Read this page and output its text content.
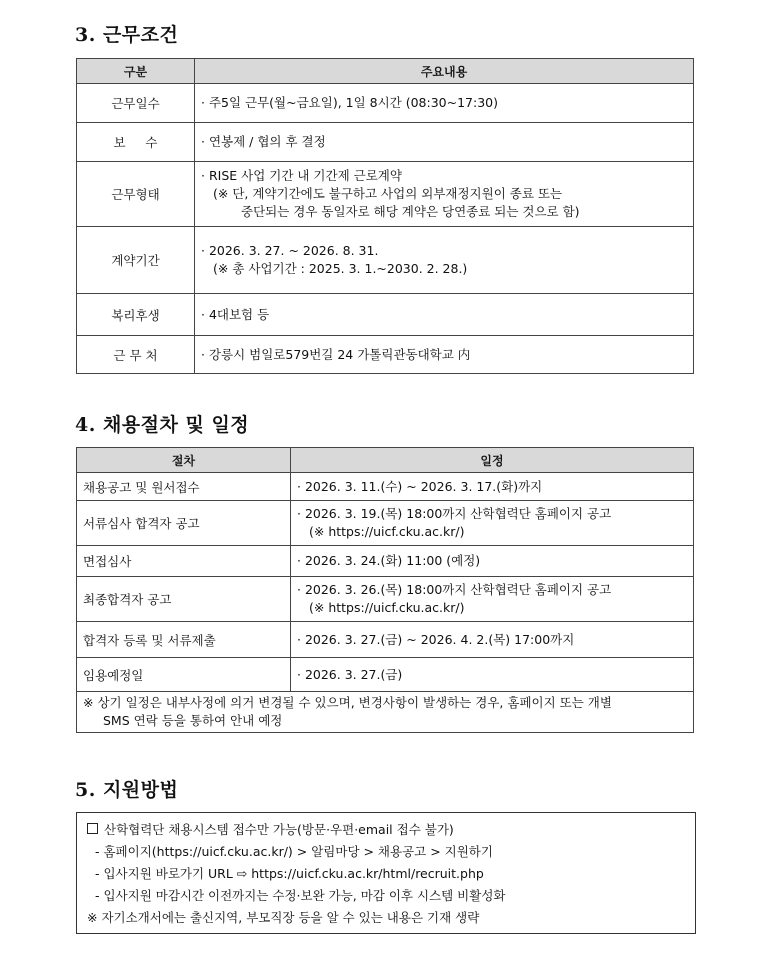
3. 근무조건
구분	주요내용
근무일수	· 주5일 근무(월~금요일), 1일 8시간 (08:30~17:30)

보     수	· 연봉제 / 협의 후 결정

근무형태	· RISE 사업 기간 내 기간제 근로계약
(※ 단, 계약기간에도 불구하고 사업의 외부재정지원이 종료 또는
중단되는 경우 동일자로 해당 계약은 당연종료 되는 것으로 함)

계약기간	· 2026. 3. 27. ~ 2026. 8. 31.
(※ 총 사업기간 : 2025. 3. 1.~2030. 2. 28.)

복리후생	· 4대보험 등

근 무 처	· 강릉시 범일로579번길 24 가톨릭관동대학교 内
4. 채용절차 및 일정
절차	일정
채용공고 및 원서접수	· 2026. 3. 11.(수) ~ 2026. 3. 17.(화)까지

서류심사 합격자 공고	· 2026. 3. 19.(목) 18:00까지 산학협력단 홈페이지 공고
(※ https://uicf.cku.ac.kr/)

면접심사	· 2026. 3. 24.(화) 11:00 (예정)

최종합격자 공고	· 2026. 3. 26.(목) 18:00까지 산학협력단 홈페이지 공고
(※ https://uicf.cku.ac.kr/)

합격자 등록 및 서류제출	· 2026. 3. 27.(금) ~ 2026. 4. 2.(목) 17:00까지

임용예정일	· 2026. 3. 27.(금)

※ 상기 일정은 내부사정에 의거 변경될 수 있으며, 변경사항이 발생하는 경우, 홈페이지 또는 개별
SMS 연락 등을 통하여 안내 예정	
5. 지원방법
산학협력단 채용시스템 접수만 가능(방문·우편·email 접수 불가)
- 홈페이지(https://uicf.cku.ac.kr/) > 알림마당 > 채용공고 > 지원하기
- 입사지원 바로가기 URL ⇨ https://uicf.cku.ac.kr/html/recruit.php
- 입사지원 마감시간 이전까지는 수정·보완 가능, 마감 이후 시스템 비활성화
※ 자기소개서에는 출신지역, 부모직장 등을 알 수 있는 내용은 기재 생략
